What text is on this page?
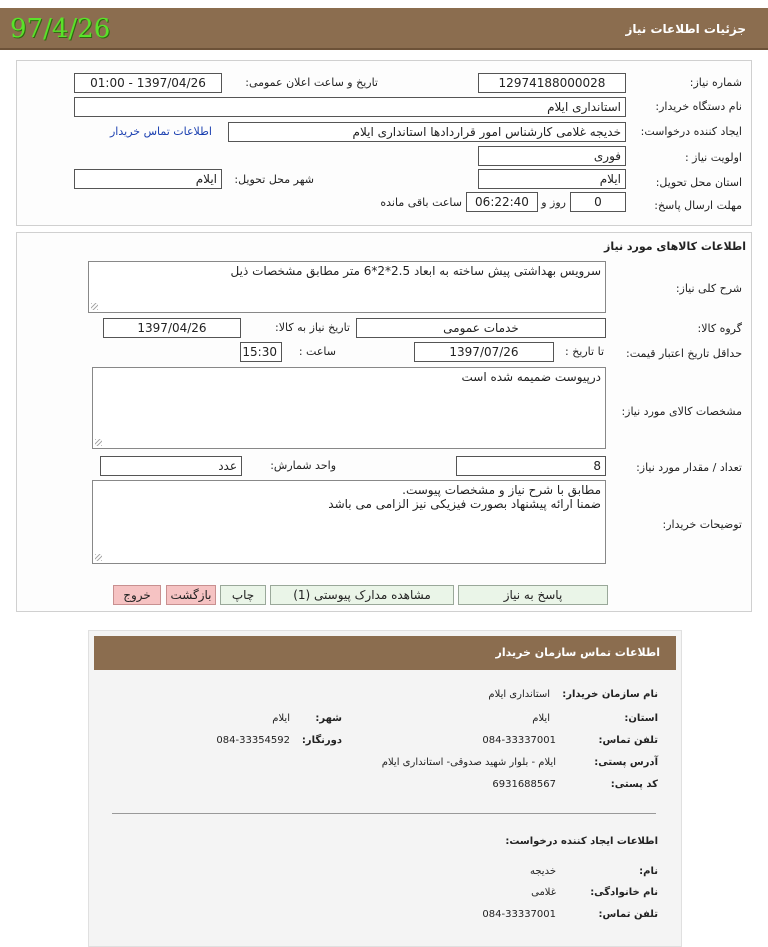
جزئیات اطلاعات نیاز
97/4/26
شماره نیاز:
12974188000028
تاریخ و ساعت اعلان عمومی:
1397/04/26 - 01:00
نام دستگاه خریدار:
استانداری ایلام
ایجاد کننده درخواست:
خدیجه غلامی کارشناس امور قراردادها استانداری ایلام
اطلاعات تماس خریدار
اولویت نیاز :
فوری
استان محل تحویل:
ایلام
شهر محل تحویل:
ایلام
مهلت ارسال پاسخ:
0
روز و
06:22:40
ساعت باقی مانده
اطلاعات کالاهای مورد نیاز
شرح کلی نیاز:
سرویس بهداشتی پیش ساخته به ابعاد 2.5*2*6 متر مطابق مشخصات ذیل
گروه کالا:
خدمات عمومی
تاریخ نیاز به کالا:
1397/04/26
حداقل تاریخ اعتبار قیمت:
تا تاریخ :
1397/07/26
ساعت :
15:30
مشخصات کالای مورد نیاز:
درپیوست ضمیمه شده است
تعداد / مقدار مورد نیاز:
8
واحد شمارش:
عدد
توضیحات خریدار:
مطابق با شرح نیاز و مشخصات پیوست.
ضمنا ارائه پیشنهاد بصورت فیزیکی نیز الزامی می باشد
پاسخ به نیاز
مشاهده مدارک پیوستی (1)
چاپ
بازگشت
خروج
اطلاعات تماس سازمان خریدار
نام سازمان خریدار:
استانداری ایلام
استان:
ایلام
شهر:
ایلام
تلفن تماس:
084-33337001
دورنگار:
084-33354592
آدرس پستی:
ایلام - بلوار شهید صدوقی- استانداری ایلام
کد پستی:
6931688567
اطلاعات ایجاد کننده درخواست:
نام:
خدیجه
نام خانوادگی:
غلامی
تلفن تماس:
084-33337001
